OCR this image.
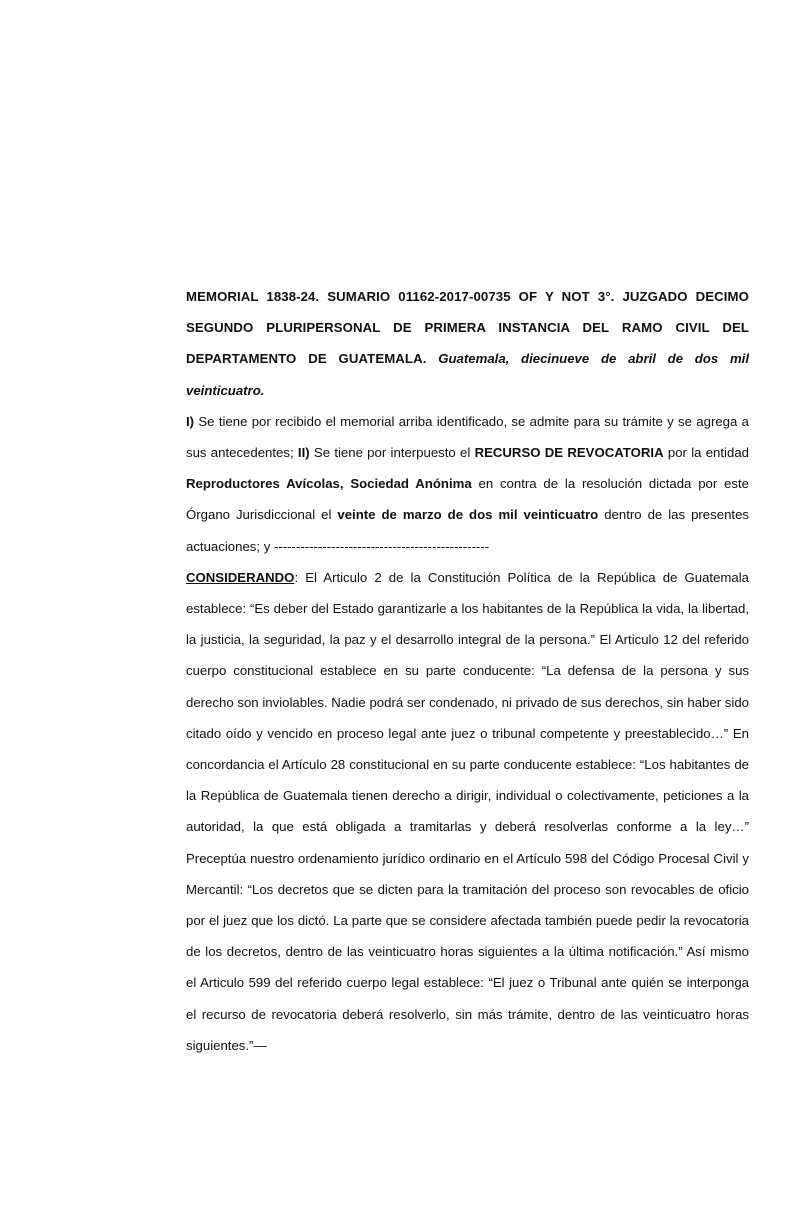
MEMORIAL 1838-24. SUMARIO 01162-2017-00735 OF Y NOT 3°. JUZGADO DECIMO SEGUNDO PLURIPERSONAL DE PRIMERA INSTANCIA DEL RAMO CIVIL DEL DEPARTAMENTO DE GUATEMALA. Guatemala, diecinueve de abril de dos mil veinticuatro.

I) Se tiene por recibido el memorial arriba identificado, se admite para su trámite y se agrega a sus antecedentes; II) Se tiene por interpuesto el RECURSO DE REVOCATORIA por la entidad Reproductores Avícolas, Sociedad Anónima en contra de la resolución dictada por este Órgano Jurisdiccional el veinte de marzo de dos mil veinticuatro dentro de las presentes actuaciones; y -------------------------------------------------

CONSIDERANDO: El Articulo 2 de la Constitución Política de la República de Guatemala establece: “Es deber del Estado garantizarle a los habitantes de la República la vida, la libertad, la justicia, la seguridad, la paz y el desarrollo integral de la persona.” El Articulo 12 del referido cuerpo constitucional establece en su parte conducente: “La defensa de la persona y sus derecho son inviolables. Nadie podrá ser condenado, ni privado de sus derechos, sin haber sido citado oído y vencido en proceso legal ante juez o tribunal competente y preestablecido…” En concordancia el Artículo 28 constitucional en su parte conducente establece: “Los habitantes de la República de Guatemala tienen derecho a dirigir, individual o colectivamente, peticiones a la autoridad, la que está obligada a tramitarlas y deberá resolverlas conforme a la ley…” Preceptúa nuestro ordenamiento jurídico ordinario en el Artículo 598 del Código Procesal Civil y Mercantil: “Los decretos que se dicten para la tramitación del proceso son revocables de oficio por el juez que los dictó. La parte que se considere afectada también puede pedir la revocatoria de los decretos, dentro de las veinticuatro horas siguientes a la última notificación.” Así mismo el Articulo 599 del referido cuerpo legal establece: “El juez o Tribunal ante quién se interponga el recurso de revocatoria deberá resolverlo, sin más trámite, dentro de las veinticuatro horas siguientes.”—
